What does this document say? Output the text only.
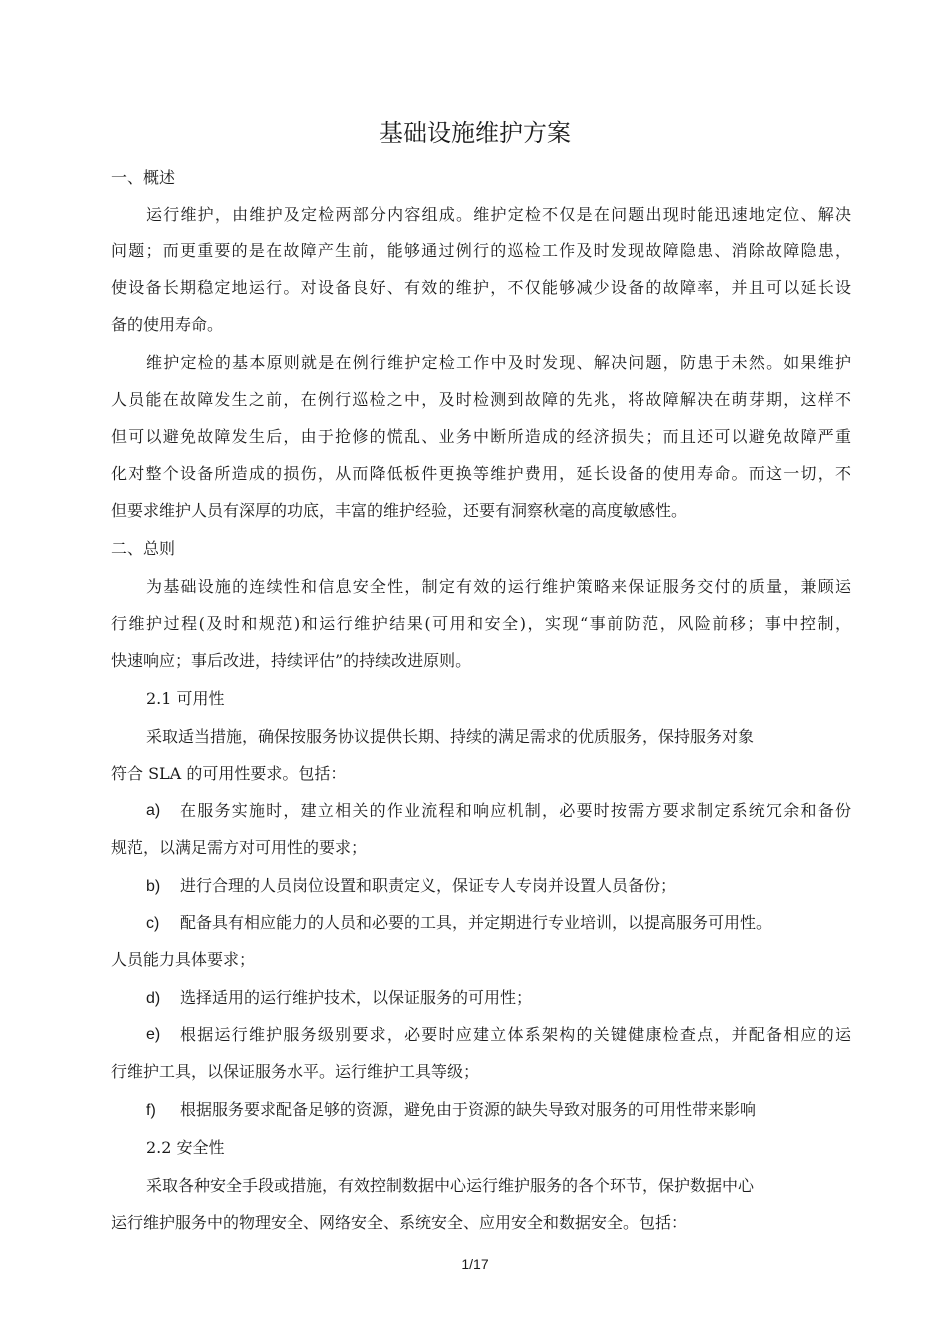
基础设施维护方案
一、概述
运行维护，由维护及定检两部分内容组成。维护定检不仅是在问题出现时能迅速地定位、解决
问题；而更重要的是在故障产生前，能够通过例行的巡检工作及时发现故障隐患、消除故障隐患，
使设备长期稳定地运行。对设备良好、有效的维护，不仅能够减少设备的故障率，并且可以延长设
备的使用寿命。
维护定检的基本原则就是在例行维护定检工作中及时发现、解决问题，防患于未然。如果维护
人员能在故障发生之前，在例行巡检之中，及时检测到故障的先兆，将故障解决在萌芽期，这样不
但可以避免故障发生后，由于抢修的慌乱、业务中断所造成的经济损失；而且还可以避免故障严重
化对整个设备所造成的损伤，从而降低板件更换等维护费用，延长设备的使用寿命。而这一切，不
但要求维护人员有深厚的功底，丰富的维护经验，还要有洞察秋毫的高度敏感性。
二、总则
为基础设施的连续性和信息安全性，制定有效的运行维护策略来保证服务交付的质量，兼顾运
行维护过程(及时和规范)和运行维护结果(可用和安全)，实现“事前防范，风险前移；事中控制，
快速响应；事后改进，持续评估”的持续改进原则。
2.1 可用性
采取适当措施，确保按服务协议提供长期、持续的满足需求的优质服务，保持服务对象
符合 SLA 的可用性要求。包括：
a)	在服务实施时，建立相关的作业流程和响应机制，必要时按需方要求制定系统冗余和备份
规范，以满足需方对可用性的要求；
b) 进行合理的人员岗位设置和职责定义，保证专人专岗并设置人员备份；
c) 配备具有相应能力的人员和必要的工具，并定期进行专业培训，以提高服务可用性。
人员能力具体要求；
d) 选择适用的运行维护技术，以保证服务的可用性；
e)	根据运行维护服务级别要求，必要时应建立体系架构的关键健康检查点，并配备相应的运
行维护工具，以保证服务水平。运行维护工具等级；
f) 根据服务要求配备足够的资源，避免由于资源的缺失导致对服务的可用性带来影响
2.2 安全性
采取各种安全手段或措施，有效控制数据中心运行维护服务的各个环节，保护数据中心
运行维护服务中的物理安全、网络安全、系统安全、应用安全和数据安全。包括：
1/17
